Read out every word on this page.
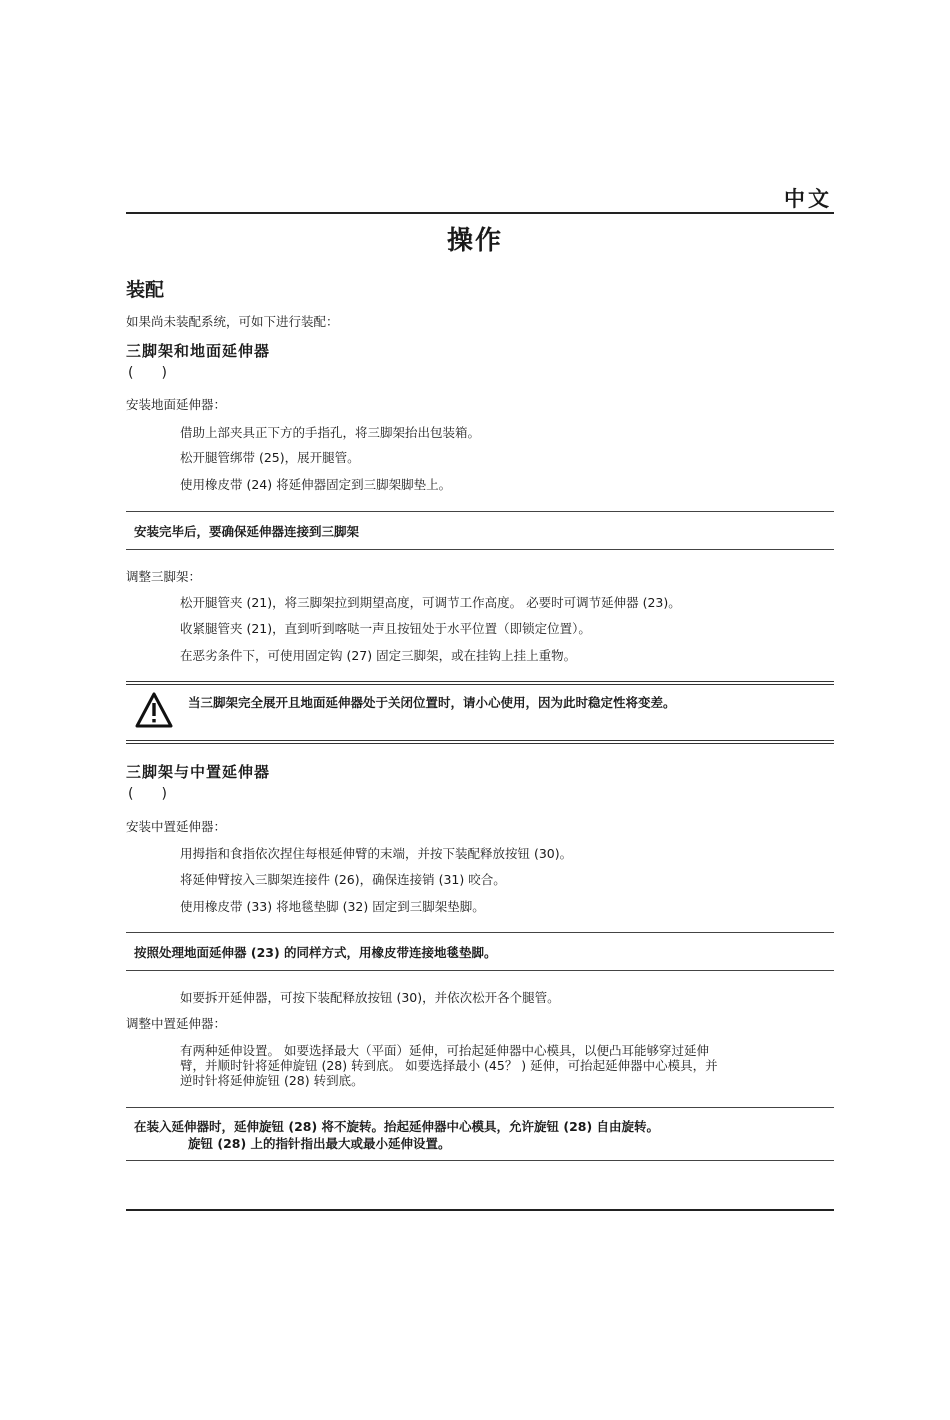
中文
操作
装配
如果尚未装配系统，可如下进行装配：
三脚架和地面延伸器
(　　)
安装地面延伸器：
借助上部夹具正下方的手指孔，将三脚架抬出包装箱。
松开腿管绑带 (25)，展开腿管。
使用橡皮带 (24) 将延伸器固定到三脚架脚垫上。
安装完毕后，要确保延伸器连接到三脚架
调整三脚架：
松开腿管夹 (21)，将三脚架拉到期望高度，可调节工作高度。 必要时可调节延伸器 (23)。
收紧腿管夹 (21)，直到听到喀哒一声且按钮处于水平位置（即锁定位置）。
在恶劣条件下，可使用固定钩 (27) 固定三脚架，或在挂钩上挂上重物。
当三脚架完全展开且地面延伸器处于关闭位置时，请小心使用，因为此时稳定性将变差。
三脚架与中置延伸器
(　　)
安装中置延伸器：
用拇指和食指依次捏住每根延伸臂的末端，并按下装配释放按钮 (30)。
将延伸臂按入三脚架连接件 (26)，确保连接销 (31) 咬合。
使用橡皮带 (33) 将地毯垫脚 (32) 固定到三脚架垫脚。
按照处理地面延伸器 (23) 的同样方式，用橡皮带连接地毯垫脚。
如要拆开延伸器，可按下装配释放按钮 (30)，并依次松开各个腿管。
调整中置延伸器：
有两种延伸设置。 如要选择最大（平面）延伸，可抬起延伸器中心模具，以便凸耳能够穿过延伸
臂，并顺时针将延伸旋钮 (28) 转到底。 如要选择最小 (45？ ) 延伸，可抬起延伸器中心模具，并
逆时针将延伸旋钮 (28) 转到底。
在装入延伸器时，延伸旋钮 (28) 将不旋转。抬起延伸器中心模具，允许旋钮 (28) 自由旋转。
旋钮 (28) 上的指针指出最大或最小延伸设置。
